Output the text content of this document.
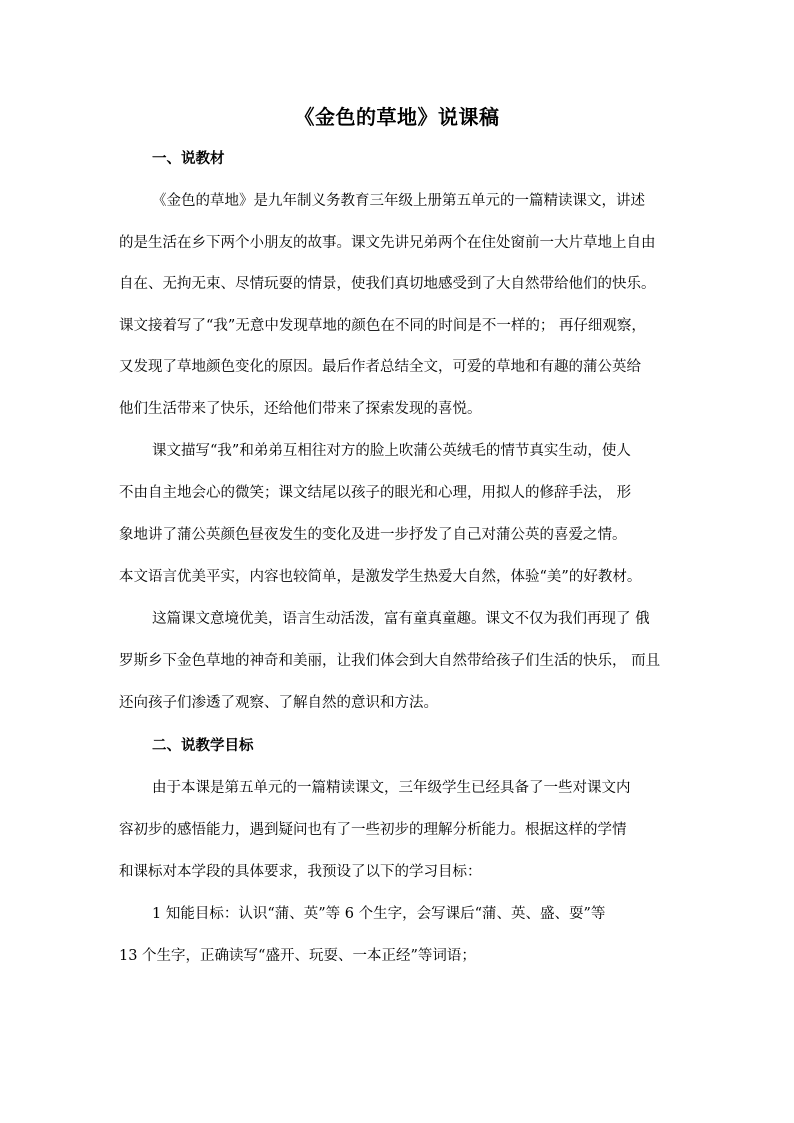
《金色的草地》说课稿
一、说教材
《金色的草地》是九年制义务教育三年级上册第五单元的一篇精读课文，讲述
的是生活在乡下两个小朋友的故事。课文先讲兄弟两个在住处窗前一大片草地上自由
自在、无拘无束、尽情玩耍的情景，使我们真切地感受到了大自然带给他们的快乐。
课文接着写了“我”无意中发现草地的颜色在不同的时间是不一样的； 再仔细观察，
又发现了草地颜色变化的原因。最后作者总结全文，可爱的草地和有趣的蒲公英给
他们生活带来了快乐，还给他们带来了探索发现的喜悦。
课文描写“我”和弟弟互相往对方的脸上吹蒲公英绒毛的情节真实生动，使人
不由自主地会心的微笑；课文结尾以孩子的眼光和心理，用拟人的修辞手法， 形
象地讲了蒲公英颜色昼夜发生的变化及进一步抒发了自己对蒲公英的喜爱之情。
本文语言优美平实，内容也较简单，是激发学生热爱大自然，体验“美”的好教材。
这篇课文意境优美，语言生动活泼，富有童真童趣。课文不仅为我们再现了 俄
罗斯乡下金色草地的神奇和美丽，让我们体会到大自然带给孩子们生活的快乐， 而且
还向孩子们渗透了观察、了解自然的意识和方法。
二、说教学目标
由于本课是第五单元的一篇精读课文，三年级学生已经具备了一些对课文内
容初步的感悟能力，遇到疑问也有了一些初步的理解分析能力。根据这样的学情
和课标对本学段的具体要求，我预设了以下的学习目标：
1 知能目标：认识“蒲、英”等 6 个生字，会写课后“蒲、英、盛、耍”等
13 个生字，正确读写“盛开、玩耍、一本正经”等词语；
